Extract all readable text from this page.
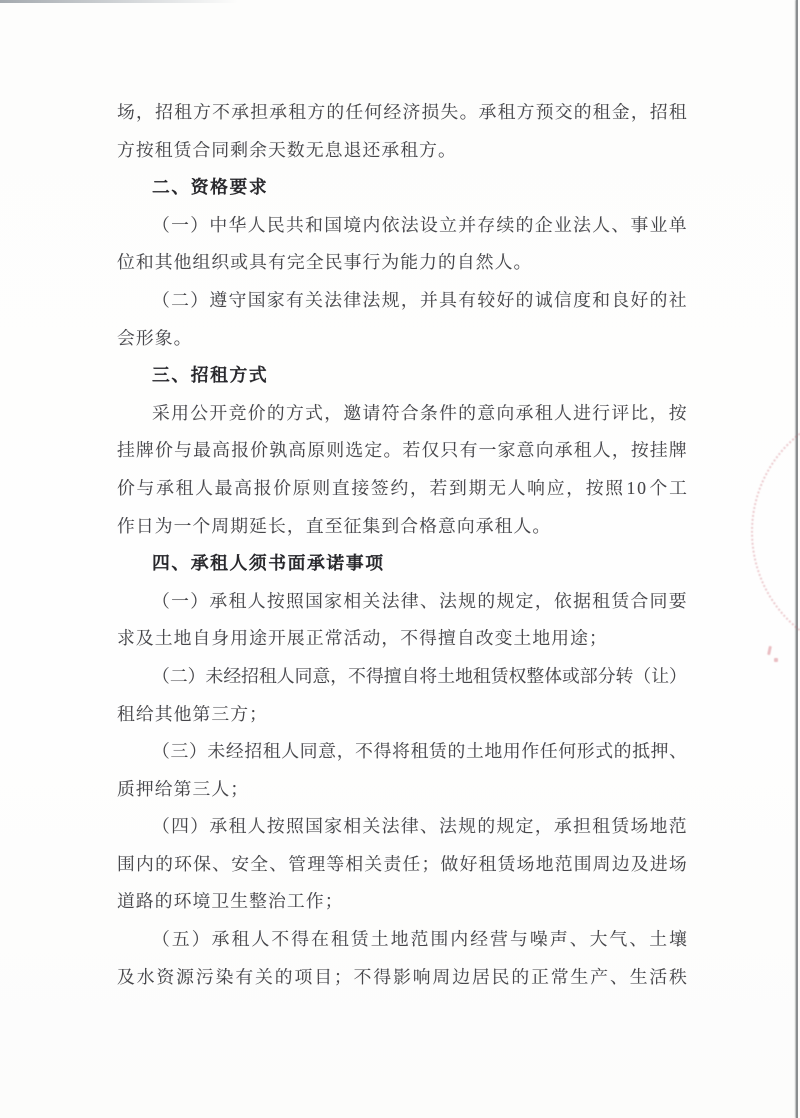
场 ， 招 租 方 不 承 担 承 租 方 的 任 何 经 济 损 失 。 承 租 方 预 交 的 租 金 ， 招 租
方按租赁合同剩余天数无息退还承租方。
二、资格要求
（ 一 ） 中 华 人 民 共 和 国 境 内 依 法 设 立 并 存 续 的 企 业 法 人 、 事 业 单
位和其他组织或具有完全民事行为能力的自然人。
（ 二 ） 遵 守 国 家 有 关 法 律 法 规 ， 并 具 有 较 好 的 诚 信 度 和 良 好 的 社
会形象。
三、招租方式
采 用 公 开 竞 价 的 方 式 ， 邀 请 符 合 条 件 的 意 向 承 租 人 进 行 评 比 ， 按
挂 牌 价 与 最 高 报 价 孰 高 原 则 选 定 。 若 仅 只 有 一 家 意 向 承 租 人 ， 按 挂 牌
价 与 承 租 人 最 高 报 价 原 则 直 接 签 约 ， 若 到 期 无 人 响 应 ， 按 照 1 0 个 工
作日为一个周期延长，直至征集到合格意向承租人。
四、承租人须书面承诺事项
（ 一 ） 承 租 人 按 照 国 家 相 关 法 律 、 法 规 的 规 定 ， 依 据 租 赁 合 同 要
求及土地自身用途开展正常活动，不得擅自改变土地用途；
（ 二 ） 未 经 招 租 人 同 意 ， 不 得 擅 自 将 土 地 租 赁 权 整 体 或 部 分 转 （ 让 ）
租给其他第三方；
（ 三 ） 未 经 招 租 人 同 意 ， 不 得 将 租 赁 的 土 地 用 作 任 何 形 式 的 抵 押 、
质押给第三人；
（ 四 ） 承 租 人 按 照 国 家 相 关 法 律 、 法 规 的 规 定 ， 承 担 租 赁 场 地 范
围 内 的 环 保 、 安 全 、 管 理 等 相 关 责 任 ； 做 好 租 赁 场 地 范 围 周 边 及 进 场
道路的环境卫生整治工作；
（ 五 ） 承 租 人 不 得 在 租 赁 土 地 范 围 内 经 营 与 噪 声 、 大 气 、 土 壤
及 水 资 源 污 染 有 关 的 项 目 ； 不 得 影 响 周 边 居 民 的 正 常 生 产 、 生 活 秩
